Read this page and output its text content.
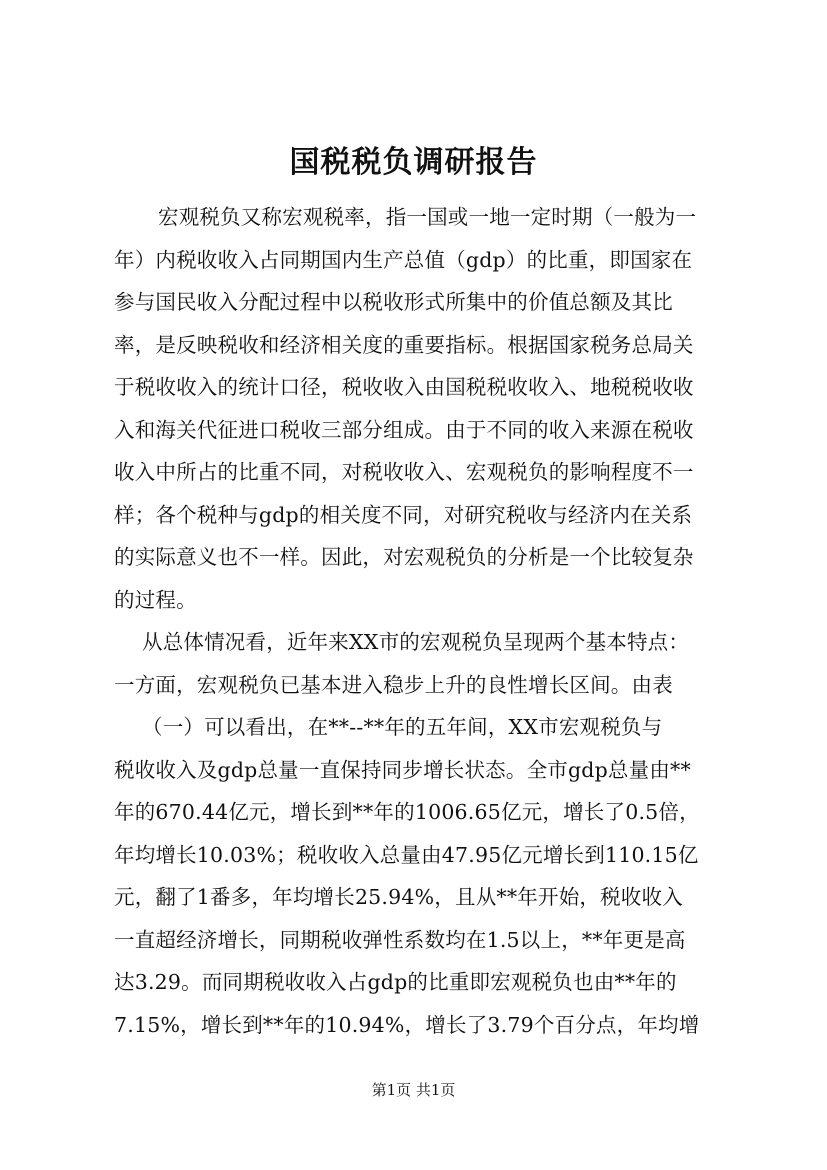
国税税负调研报告
宏观税负又称宏观税率，指一国或一地一定时期（一般为一
年）内税收收入占同期国内生产总值（gdp）的比重，即国家在
参与国民收入分配过程中以税收形式所集中的价值总额及其比
率，是反映税收和经济相关度的重要指标。根据国家税务总局关
于税收收入的统计口径，税收收入由国税税收收入、地税税收收
入和海关代征进口税收三部分组成。由于不同的收入来源在税收
收入中所占的比重不同，对税收收入、宏观税负的影响程度不一
样；各个税种与gdp的相关度不同，对研究税收与经济内在关系
的实际意义也不一样。因此，对宏观税负的分析是一个比较复杂
的过程。
从总体情况看，近年来XX市的宏观税负呈现两个基本特点：
一方面，宏观税负已基本进入稳步上升的良性增长区间。由表
（一）可以看出，在**--**年的五年间，XX市宏观税负与
税收收入及gdp总量一直保持同步增长状态。全市gdp总量由**
年的670.44亿元，增长到**年的1006.65亿元，增长了0.5倍，
年均增长10.03%；税收收入总量由47.95亿元增长到110.15亿
元，翻了1番多，年均增长25.94%，且从**年开始，税收收入
一直超经济增长，同期税收弹性系数均在1.5以上，**年更是高
达3.29。而同期税收收入占gdp的比重即宏观税负也由**年的
7.15%，增长到**年的10.94%，增长了3.79个百分点，年均增
第1页 共1页
